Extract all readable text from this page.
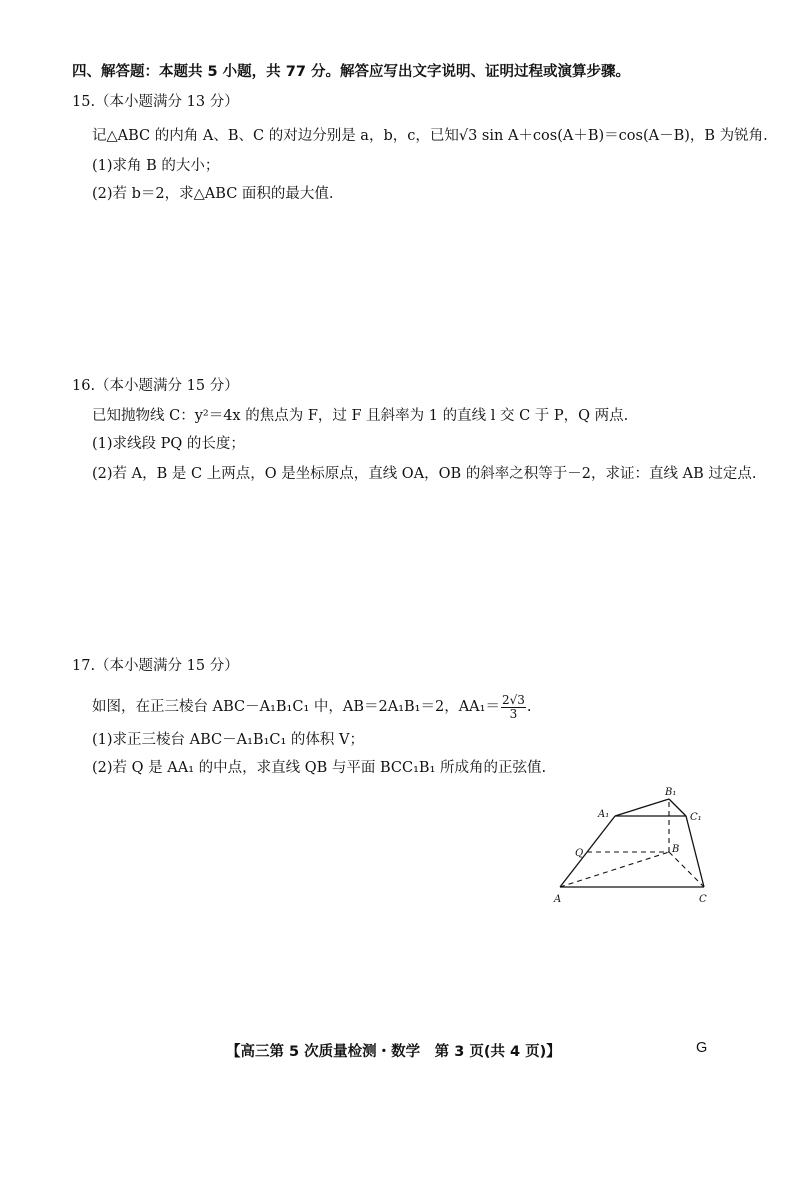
四、解答题：本题共 5 小题，共 77 分。解答应写出文字说明、证明过程或演算步骤。
15.（本小题满分 13 分）
记△ABC 的内角 A、B、C 的对边分别是 a，b，c，已知√3 sin A＋cos(A＋B)＝cos(A－B)，B 为锐角.
(1)求角 B 的大小；
(2)若 b＝2，求△ABC 面积的最大值.
16.（本小题满分 15 分）
已知抛物线 C：y²＝4x 的焦点为 F，过 F 且斜率为 1 的直线 l 交 C 于 P，Q 两点.
(1)求线段 PQ 的长度；
(2)若 A，B 是 C 上两点，O 是坐标原点，直线 OA，OB 的斜率之积等于－2，求证：直线 AB 过定点.
17.（本小题满分 15 分）
如图，在正三棱台 ABC－A₁B₁C₁ 中，AB＝2A₁B₁＝2，$AA_1= \frac{2√3}{3}$ .
(1)求正三棱台 ABC－A₁B₁C₁ 的体积 V；
(2)若 Q 是 AA₁ 的中点，求直线 QB 与平面 BCC₁B₁ 所成角的正弦值.
A	C
B
Q
A₁
B₁
C₁
【高三第 5 次质量检测・数学　第 3 页(共 4 页)】	G
